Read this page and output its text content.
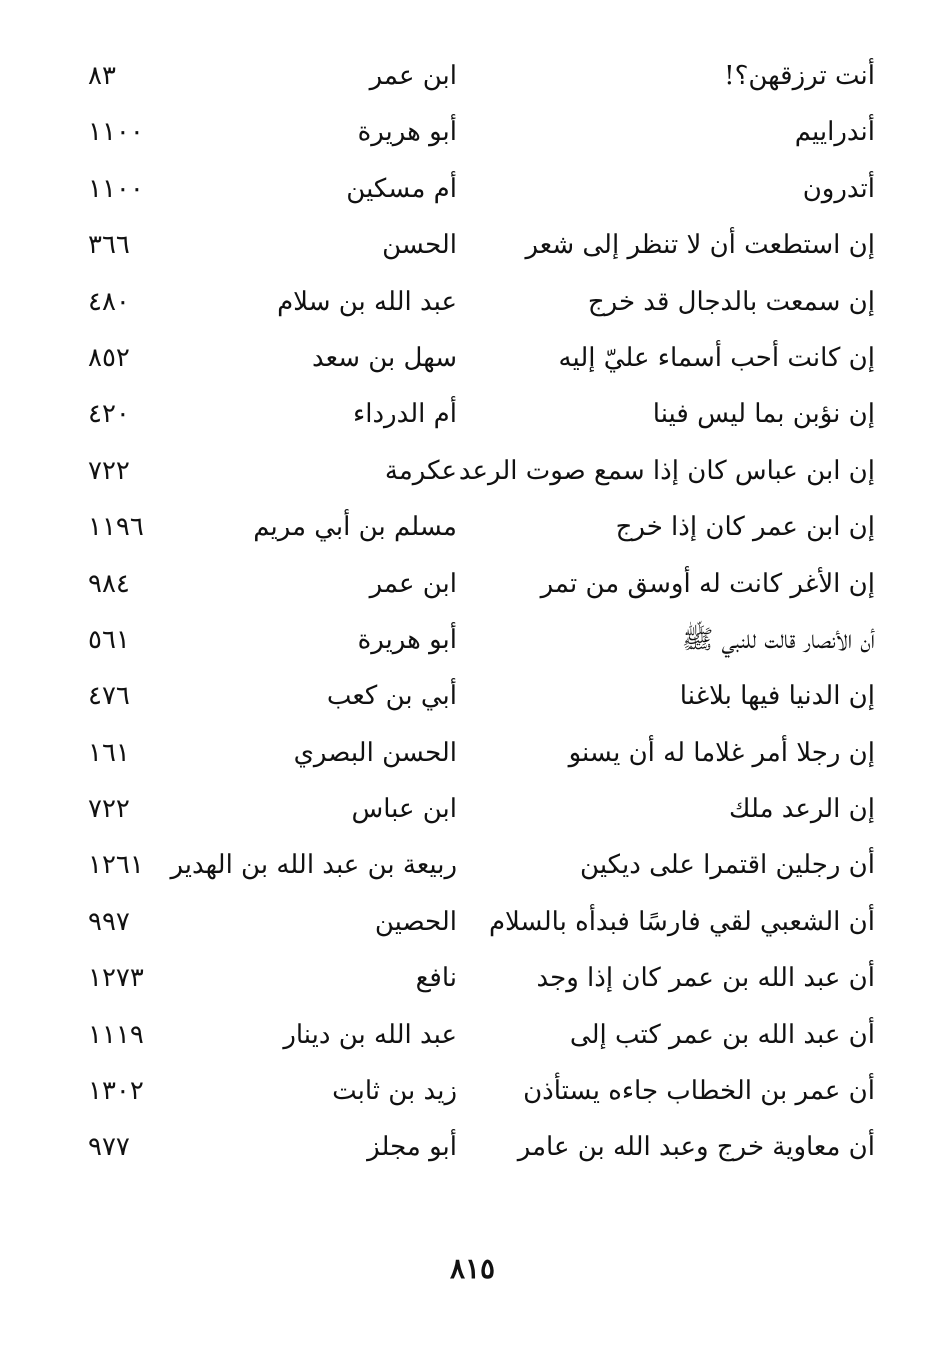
أنت ترزقهن؟!
ابن عمر
٨٣
أندراييم
أبو هريرة
١١٠٠
أتدرون
أم مسكين
١١٠٠
إن استطعت أن لا تنظر إلى شعر
الحسن
٣٦٦
إن سمعت بالدجال قد خرج
عبد الله بن سلام
٤٨٠
إن كانت أحب أسماء عليّ إليه
سهل بن سعد
٨٥٢
إن نؤبن بما ليس فينا
أم الدرداء
٤٢٠
إن ابن عباس كان إذا سمع صوت الرعد
عكرمة
٧٢٢
إن ابن عمر كان إذا خرج
مسلم بن أبي مريم
١١٩٦
إن الأغر كانت له أوسق من تمر
ابن عمر
٩٨٤
أن الأنصار قالت للنبي ﷺ
أبو هريرة
٥٦١
إن الدنيا فيها بلاغنا
أبي بن كعب
٤٧٦
إن رجلا أمر غلاما له أن يسنو
الحسن البصري
١٦١
إن الرعد ملك
ابن عباس
٧٢٢
أن رجلين اقتمرا على ديكين
ربيعة بن عبد الله بن الهدير
١٢٦١
أن الشعبي لقي فارسًا فبدأه بالسلام
الحصين
٩٩٧
أن عبد الله بن عمر كان إذا وجد
نافع
١٢٧٣
أن عبد الله بن عمر كتب إلى
عبد الله بن دينار
١١١٩
أن عمر بن الخطاب جاءه يستأذن
زيد بن ثابت
١٣٠٢
أن معاوية خرج وعبد الله بن عامر
أبو مجلز
٩٧٧
٨١٥
